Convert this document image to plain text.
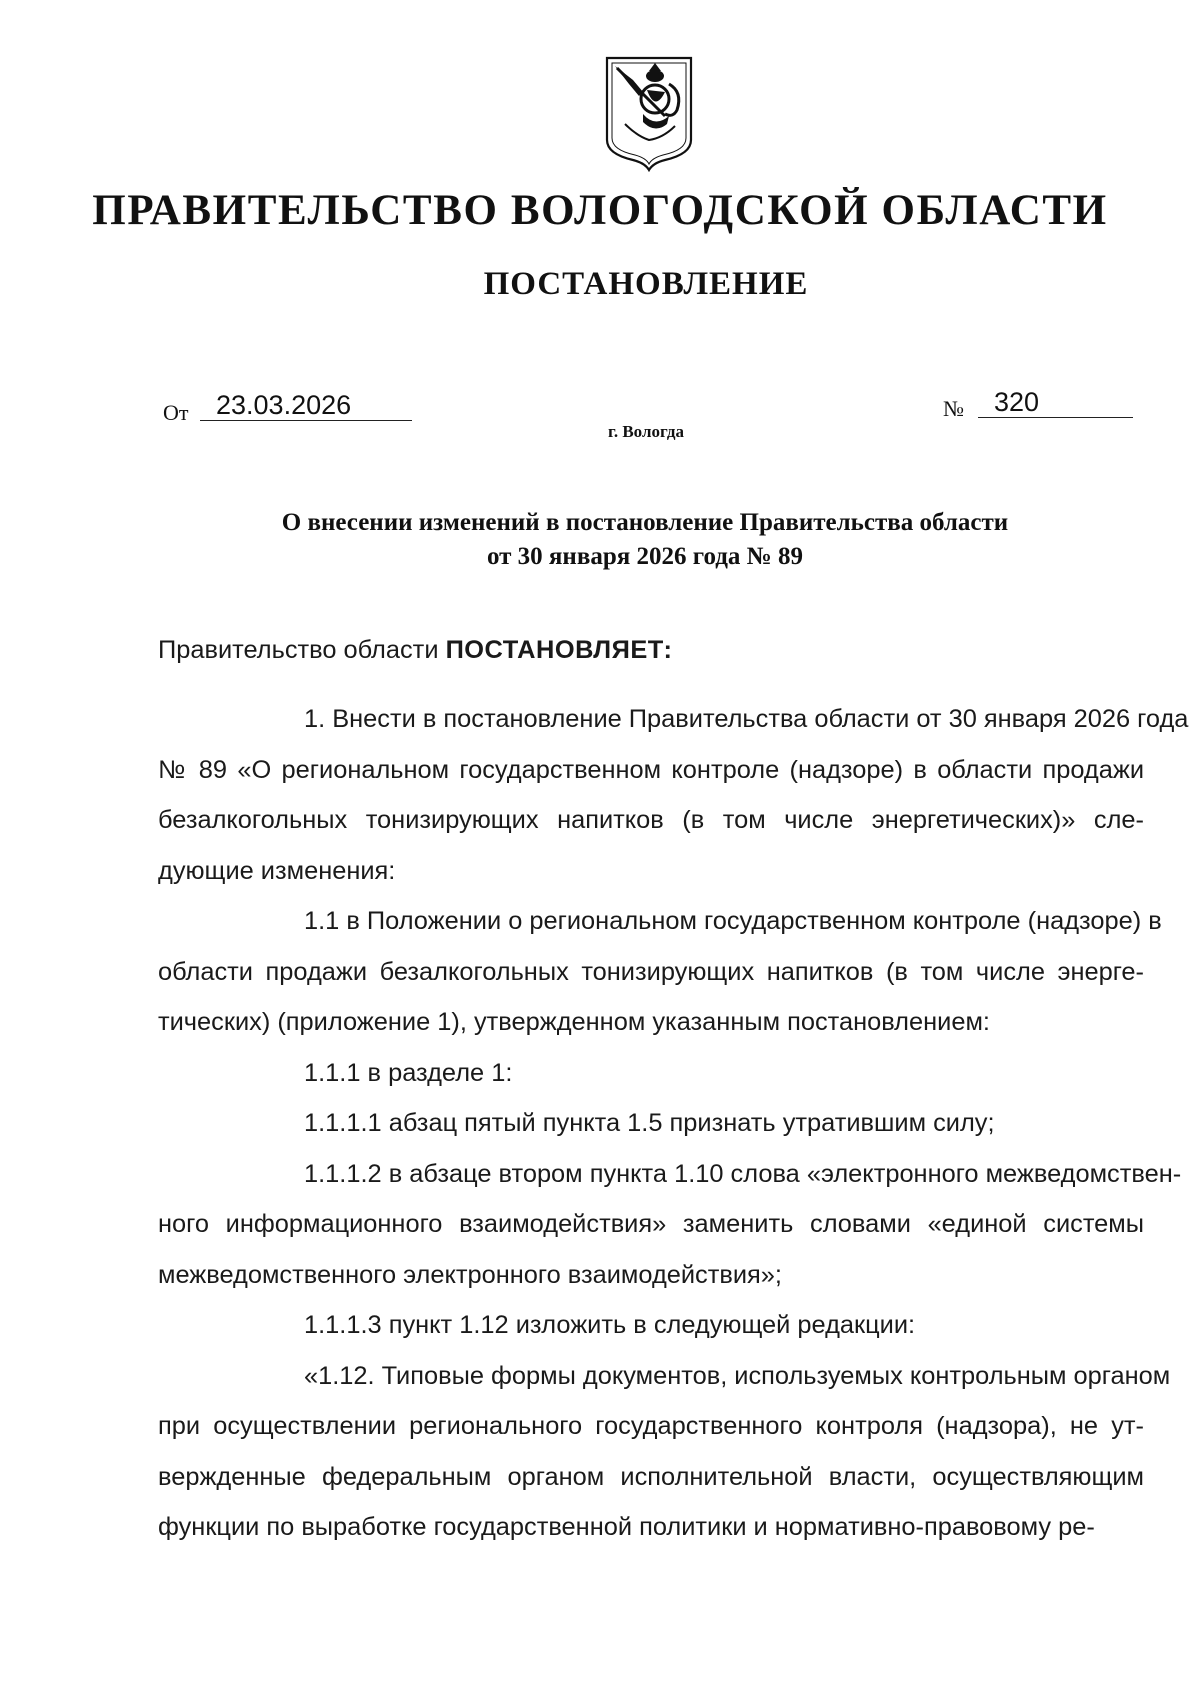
ПРАВИТЕЛЬСТВО ВОЛОГОДСКОЙ ОБЛАСТИ
ПОСТАНОВЛЕНИЕ
От	23.03.2026	№	320
г. Вологда
О внесении изменений в постановление Правительства области
от 30 января 2026 года № 89
Правительство области ПОСТАНОВЛЯЕТ:
1. Внести в постановление Правительства области от 30 января 2026 года
№ 89 «О региональном государственном контроле (надзоре) в области продажи
безалкогольных тонизирующих напитков (в том числе энергетических)» сле-
дующие изменения:
1.1 в Положении о региональном государственном контроле (надзоре) в
области продажи безалкогольных тонизирующих напитков (в том числе энерге-
тических) (приложение 1), утвержденном указанным постановлением:
1.1.1 в разделе 1:
1.1.1.1 абзац пятый пункта 1.5 признать утратившим силу;
1.1.1.2 в абзаце втором пункта 1.10 слова «электронного межведомствен-
ного информационного взаимодействия» заменить словами «единой системы
межведомственного электронного взаимодействия»;
1.1.1.3 пункт 1.12 изложить в следующей редакции:
«1.12. Типовые формы документов, используемых контрольным органом
при осуществлении регионального государственного контроля (надзора), не ут-
вержденные федеральным органом исполнительной власти, осуществляющим
функции по выработке государственной политики и нормативно-правовому ре-
